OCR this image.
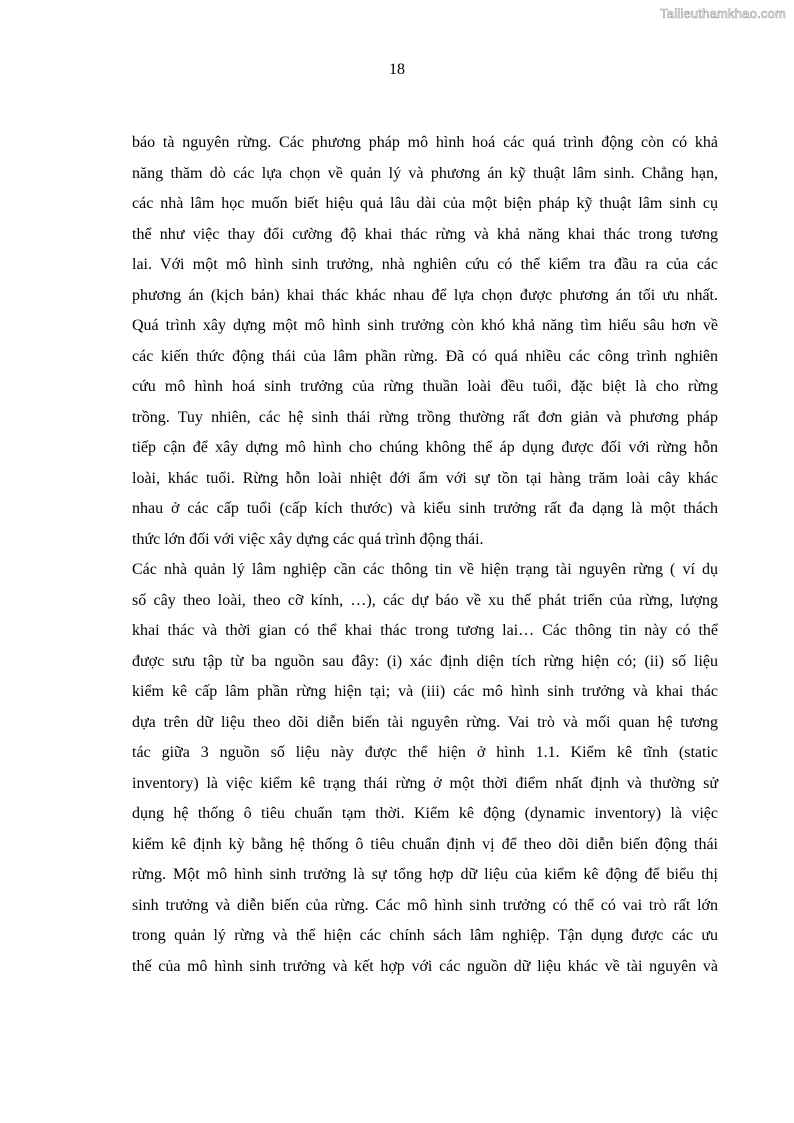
Tailieuthamkhao.com
18

báo tà nguyên rừng. Các phương pháp mô hình hoá các quá trình động còn có khả
năng thăm dò các lựa chọn về quản lý và phương án kỹ thuật lâm sinh. Chẳng hạn,
các nhà lâm học muốn biết hiệu quả lâu dài của một biện pháp kỹ thuật lâm sinh cụ
thể như việc thay đổi cường độ khai thác rừng và khả năng khai thác trong tương
lai. Với một mô hình sinh trưởng, nhà nghiên cứu có thể kiểm tra đầu ra của các
phương án (kịch bản) khai thác khác nhau để lựa chọn được phương án tối ưu nhất.
Quá trình xây dựng một mô hình sinh trưởng còn khó khả năng tìm hiểu sâu hơn về
các kiến thức động thái của lâm phần rừng. Đã có quá nhiều các công trình nghiên
cứu mô hình hoá sinh trưởng của rừng thuần loài đều tuổi, đặc biệt là cho rừng
trồng. Tuy nhiên, các hệ sinh thái rừng trồng thường rất đơn giản và phương pháp
tiếp cận để xây dựng mô hình cho chúng không thể áp dụng được đối với rừng hỗn
loài, khác tuổi. Rừng hỗn loài nhiệt đới ẩm với sự tồn tại hàng trăm loài cây khác
nhau ở các cấp tuổi (cấp kích thước) và kiểu sinh trưởng rất đa dạng là một thách
thức lớn đối với việc xây dựng các quá trình động thái.

Các nhà quản lý lâm nghiệp cần các thông tin về hiện trạng tài nguyên rừng ( ví dụ
số cây theo loài, theo cỡ kính, …), các dự báo về xu thế phát triển của rừng, lượng
khai thác và thời gian có thể khai thác trong tương lai… Các thông tin này có thể
được sưu tập từ ba nguồn sau đây: (i) xác định diện tích rừng hiện có; (ii) số liệu
kiểm kê cấp lâm phần rừng hiện tại; và (iii) các mô hình sinh trưởng và khai thác
dựa trên dữ liệu theo dõi diễn biến tài nguyên rừng. Vai trò và mối quan hệ tương
tác giữa 3 nguồn số liệu này được thể hiện ở hình 1.1. Kiểm kê tĩnh (static
inventory) là việc kiểm kê trạng thái rừng ở một thời điểm nhất định và thường sử
dụng hệ thống ô tiêu chuẩn tạm thời. Kiểm kê động (dynamic inventory) là việc
kiểm kê định kỳ bằng hệ thống ô tiêu chuẩn định vị để theo dõi diễn biến động thái
rừng. Một mô hình sinh trưởng là sự tổng hợp dữ liệu của kiểm kê động để biểu thị
sinh trưởng và diễn biến của rừng. Các mô hình sinh trưởng có thể có vai trò rất lớn
trong quản lý rừng và thể hiện các chính sách lâm nghiệp. Tận dụng được các ưu
thế của mô hình sinh trưởng và kết hợp với các nguồn dữ liệu khác về tài nguyên và
